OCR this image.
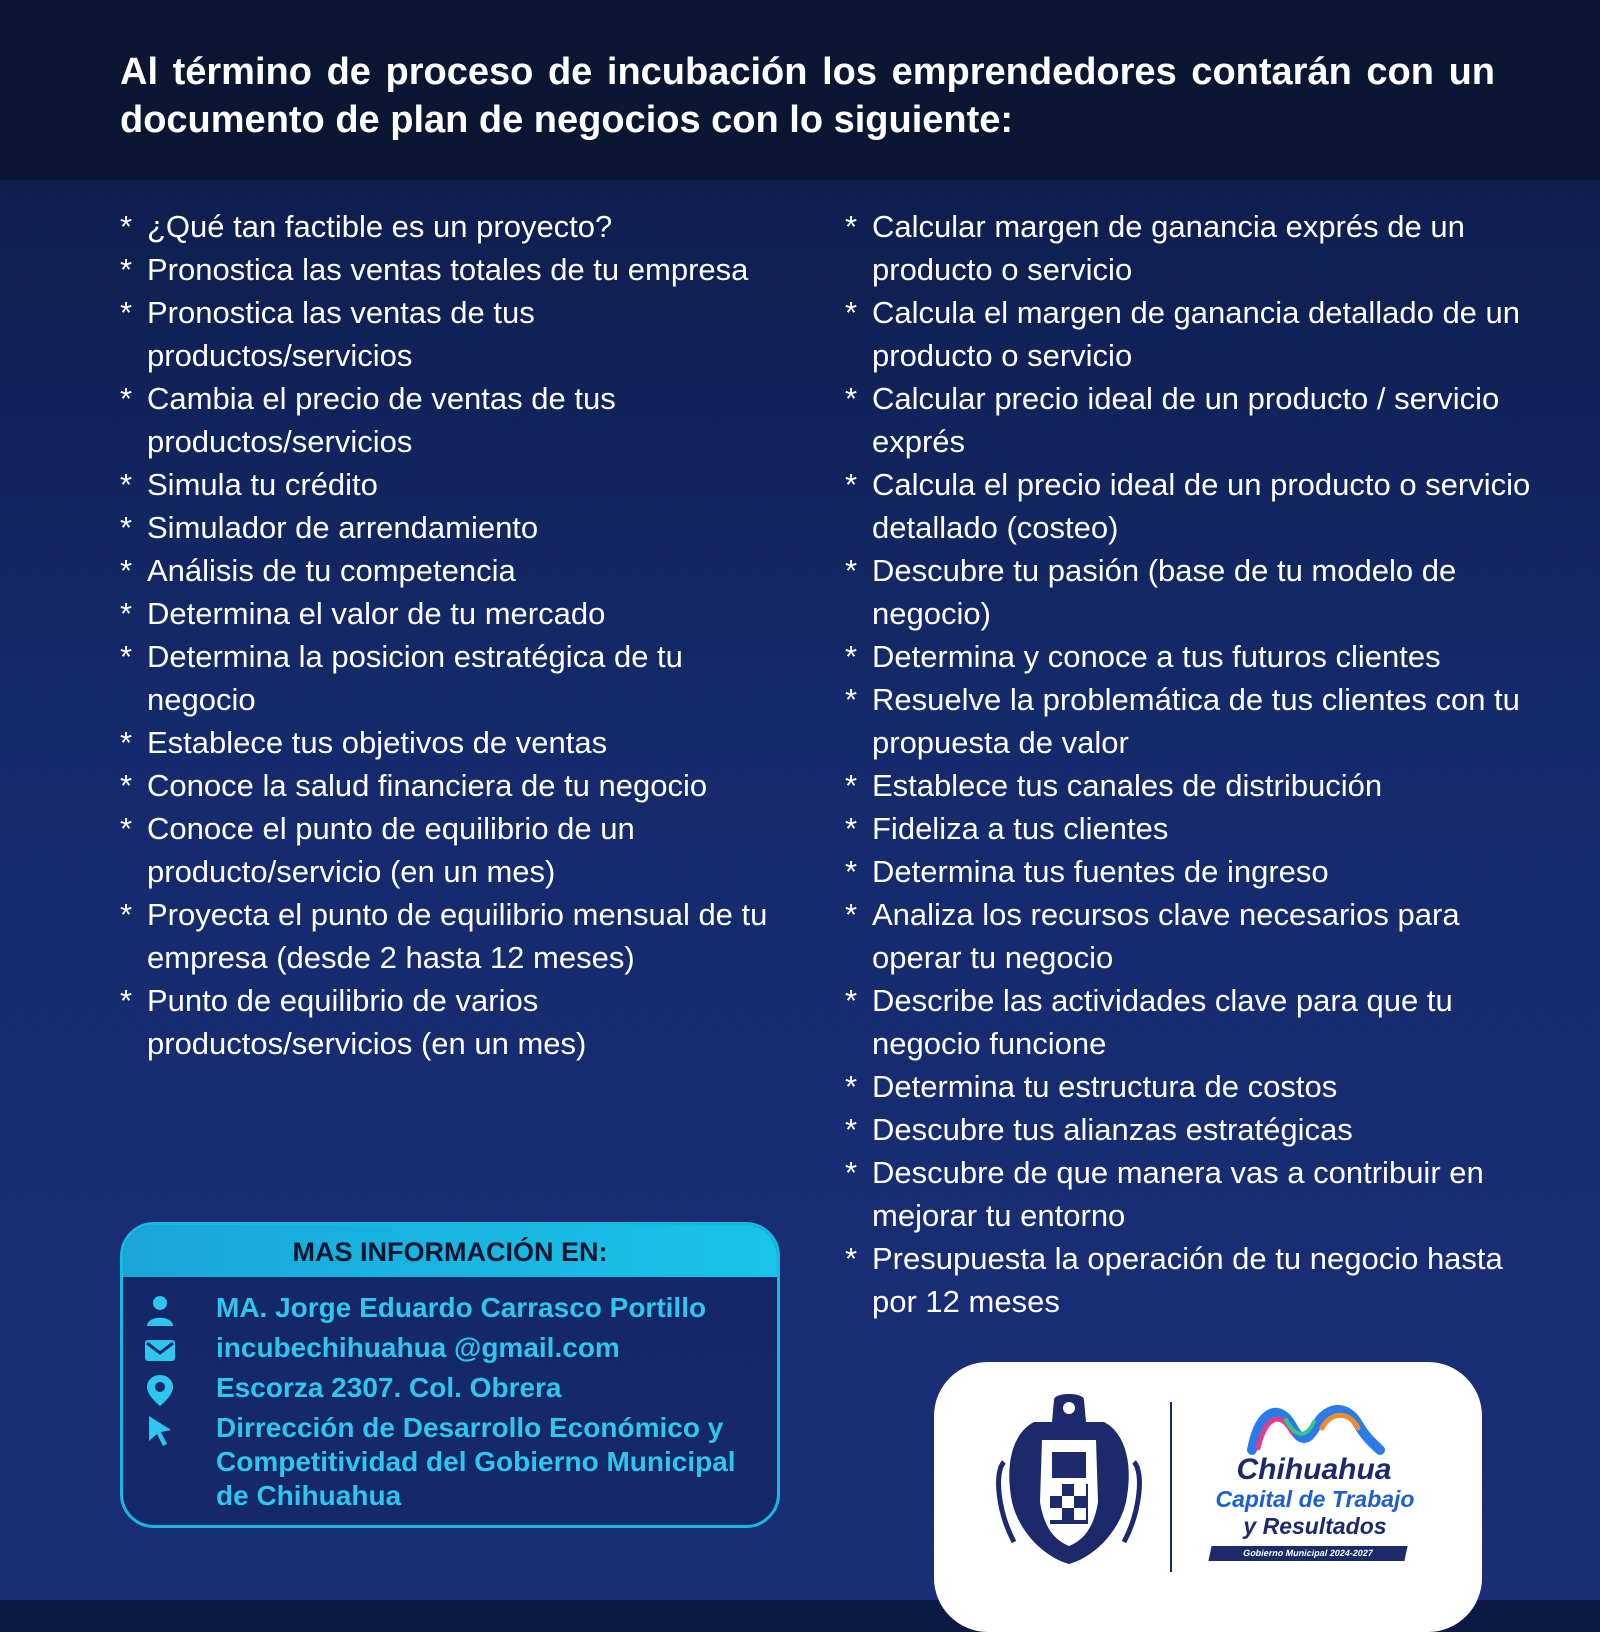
Al término de proceso de incubación los emprendedores contarán con un documento de plan de negocios con lo siguiente:
* ¿Qué tan factible es un proyecto?
* Pronostica las ventas totales de tu empresa
* Pronostica las ventas de tus productos/servicios
* Cambia el precio de ventas de tus productos/servicios
* Simula tu crédito
* Simulador de arrendamiento
* Análisis de tu competencia
* Determina el valor de tu mercado
* Determina la posicion estratégica de tu negocio
* Establece tus objetivos de ventas
* Conoce la salud financiera de tu negocio
* Conoce el punto de equilibrio de un producto/servicio (en un mes)
* Proyecta el punto de equilibrio mensual de tu empresa (desde 2 hasta 12 meses)
* Punto de equilibrio de varios productos/servicios (en un mes)
* Calcular margen de ganancia exprés de un producto o servicio
* Calcula el margen de ganancia detallado de un producto o servicio
* Calcular precio ideal de un producto / servicio exprés
* Calcula el precio ideal de un producto o servicio detallado (costeo)
* Descubre tu pasión (base de tu modelo de negocio)
* Determina y conoce a tus futuros clientes
* Resuelve la problemática de tus clientes con tu propuesta de valor
* Establece tus canales de distribución
* Fideliza a tus clientes
* Determina tus fuentes de ingreso
* Analiza los recursos clave necesarios para operar tu negocio
* Describe las actividades clave para que tu negocio funcione
* Determina tu estructura de costos
* Descubre tus alianzas estratégicas
* Descubre de que manera vas a contribuir en mejorar tu entorno
* Presupuesta la operación de tu negocio hasta por 12 meses
MAS INFORMACIÓN EN:
MA. Jorge Eduardo Carrasco Portillo
incubechihuahua @gmail.com
Escorza 2307. Col. Obrera
Dirrección de Desarrollo Económico y Competitividad del Gobierno Municipal de Chihuahua
Chihuahua
Capital de Trabajo
y Resultados
Gobierno Municipal 2024-2027
